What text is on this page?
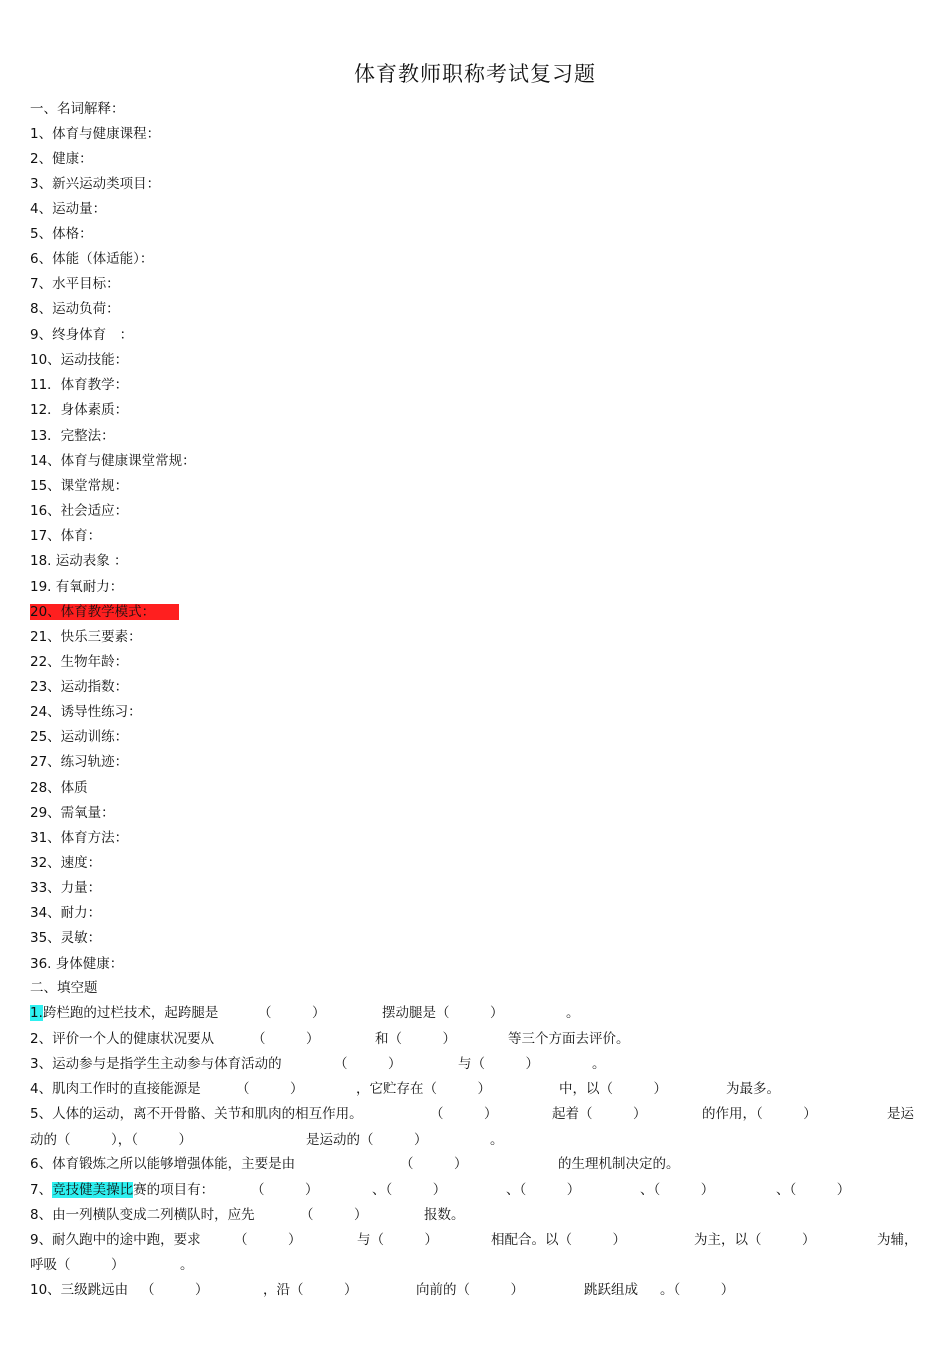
体育教师职称考试复习题
一、名词解释：
1、体育与健康课程：
2、健康：
3、新兴运动类项目：
4、运动量：
5、体格：
6、体能（体适能）：
7、水平目标：
8、运动负荷：
9、终身体育　：
10、运动技能：
11．体育教学：
12．身体素质：
13．完整法：
14、体育与健康课堂常规：
15、课堂常规：
16、社会适应：
17、体育：
18. 运动表象 ：
19. 有氧耐力：
20、体育教学模式：
21、快乐三要素：
22、生物年龄：
23、运动指数：
24、诱导性练习：
25、运动训练：
27、练习轨迹：
28、体质
29、需氧量：
31、体育方法：
32、速度：
33、力量：
34、耐力：
35、灵敏：
36. 身体健康：
二、填空题
1.跨栏跑的过栏技术，起跨腿是	（　　　）	摆动腿是（　　　）	。
2、评价一个人的健康状况要从	（　　　）	和（　　　）	等三个方面去评价。
3、运动参与是指学生主动参与体育活动的	（　　　）	与（　　　）	。
4、肌肉工作时的直接能源是	（　　　）	，它贮存在（　　　）	中，以（　　　）	为最多。
5、人体的运动，离不开骨骼、关节和肌肉的相互作用。	（　　　）	起着（　　　）	的作用，（　　　）	是运
动的（　　　），（　　　）	是运动的（　　　）	。
6、体育锻炼之所以能够增强体能，主要是由	（　　　）	的生理机制决定的。
7、竞技健美操比赛的项目有：	（　　　）	、（　　　）	、（　　　）	、（　　　）	、（　　　）
8、由一列横队变成二列横队时，应先	（　　　）	报数。
9、耐久跑中的途中跑，要求 （　　　）	与（　　　）	相配合。以（　　　）	为主，以（　　　）	为辅，
呼吸（　　　）	。
10、三级跳远由 （　　　）	，沿（　　　）	向前的（　　　）	跳跃组成 。（　　　）
